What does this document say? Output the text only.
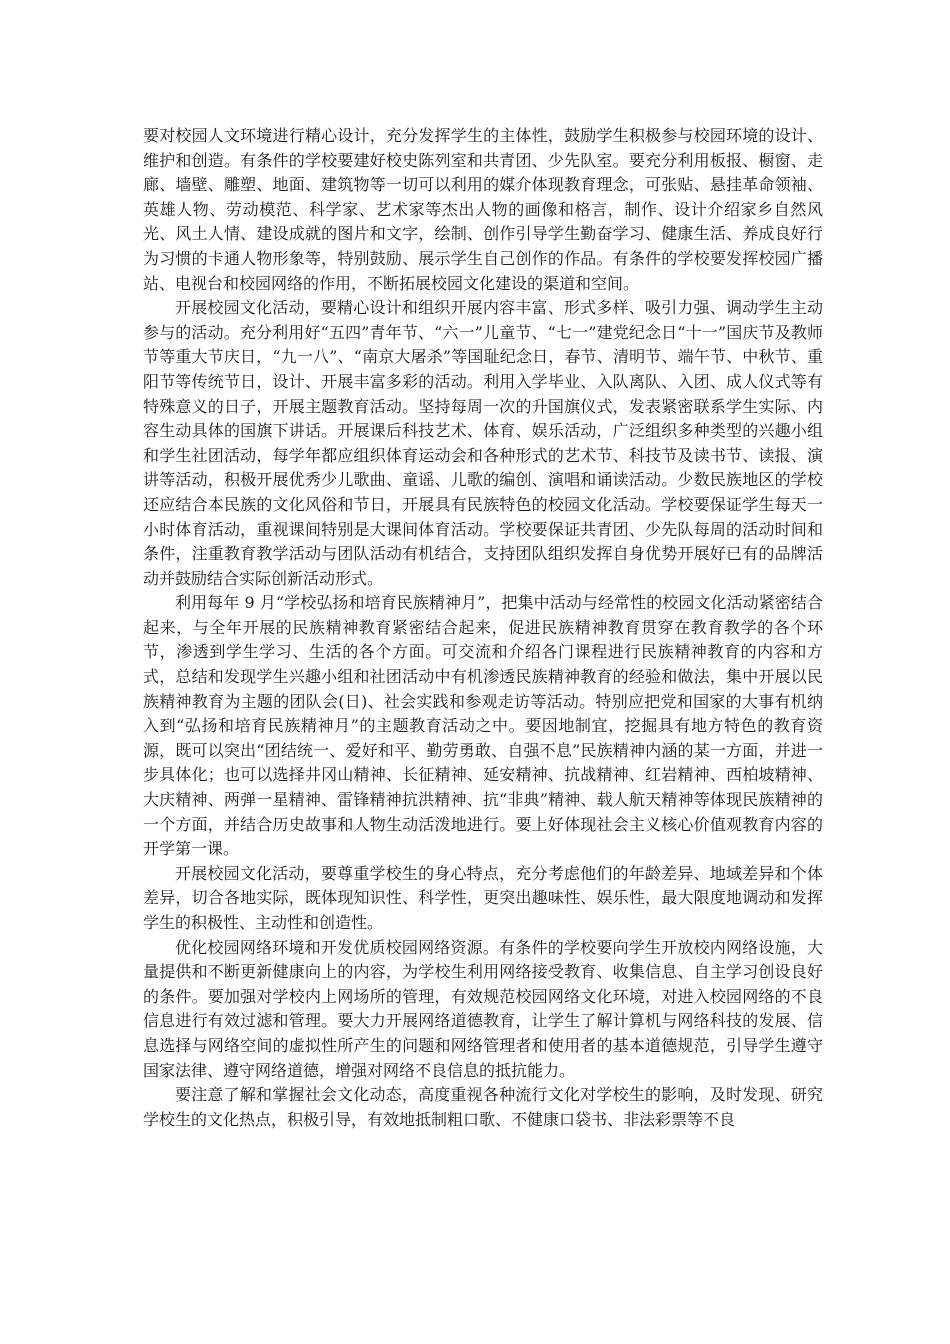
要对校园人文环境进行精心设计，充分发挥学生的主体性，鼓励学生积极参与校园环境的设计、维护和创造。有条件的学校要建好校史陈列室和共青团、少先队室。要充分利用板报、橱窗、走廊、墙壁、雕塑、地面、建筑物等一切可以利用的媒介体现教育理念，可张贴、悬挂革命领袖、英雄人物、劳动模范、科学家、艺术家等杰出人物的画像和格言，制作、设计介绍家乡自然风光、风土人情、建设成就的图片和文字，绘制、创作引导学生勤奋学习、健康生活、养成良好行为习惯的卡通人物形象等，特别鼓励、展示学生自己创作的作品。有条件的学校要发挥校园广播站、电视台和校园网络的作用，不断拓展校园文化建设的渠道和空间。

开展校园文化活动，要精心设计和组织开展内容丰富、形式多样、吸引力强、调动学生主动参与的活动。充分利用好“五四”青年节、“六一”儿童节、“七一”建党纪念日“十一”国庆节及教师节等重大节庆日，“九一八”、“南京大屠杀”等国耻纪念日，春节、清明节、端午节、中秋节、重阳节等传统节日，设计、开展丰富多彩的活动。利用入学毕业、入队离队、入团、成人仪式等有特殊意义的日子，开展主题教育活动。坚持每周一次的升国旗仪式，发表紧密联系学生实际、内容生动具体的国旗下讲话。开展课后科技艺术、体育、娱乐活动，广泛组织多种类型的兴趣小组和学生社团活动，每学年都应组织体育运动会和各种形式的艺术节、科技节及读书节、读报、演讲等活动，积极开展优秀少儿歌曲、童谣、儿歌的编创、演唱和诵读活动。少数民族地区的学校还应结合本民族的文化风俗和节日，开展具有民族特色的校园文化活动。学校要保证学生每天一小时体育活动，重视课间特别是大课间体育活动。学校要保证共青团、少先队每周的活动时间和条件，注重教育教学活动与团队活动有机结合，支持团队组织发挥自身优势开展好已有的品牌活动并鼓励结合实际创新活动形式。

利用每年 9 月“学校弘扬和培育民族精神月”，把集中活动与经常性的校园文化活动紧密结合起来，与全年开展的民族精神教育紧密结合起来，促进民族精神教育贯穿在教育教学的各个环节，渗透到学生学习、生活的各个方面。可交流和介绍各门课程进行民族精神教育的内容和方式，总结和发现学生兴趣小组和社团活动中有机渗透民族精神教育的经验和做法，集中开展以民族精神教育为主题的团队会(日)、社会实践和参观走访等活动。特别应把党和国家的大事有机纳入到“弘扬和培育民族精神月”的主题教育活动之中。要因地制宜，挖掘具有地方特色的教育资源，既可以突出“团结统一、爱好和平、勤劳勇敢、自强不息”民族精神内涵的某一方面，并进一步具体化；也可以选择井冈山精神、长征精神、延安精神、抗战精神、红岩精神、西柏坡精神、大庆精神、两弹一星精神、雷锋精神抗洪精神、抗“非典”精神、载人航天精神等体现民族精神的一个方面，并结合历史故事和人物生动活泼地进行。要上好体现社会主义核心价值观教育内容的开学第一课。

开展校园文化活动，要尊重学校生的身心特点，充分考虑他们的年龄差异、地域差异和个体差异，切合各地实际，既体现知识性、科学性，更突出趣味性、娱乐性，最大限度地调动和发挥学生的积极性、主动性和创造性。

优化校园网络环境和开发优质校园网络资源。有条件的学校要向学生开放校内网络设施，大量提供和不断更新健康向上的内容，为学校生利用网络接受教育、收集信息、自主学习创设良好的条件。要加强对学校内上网场所的管理，有效规范校园网络文化环境，对进入校园网络的不良信息进行有效过滤和管理。要大力开展网络道德教育，让学生了解计算机与网络科技的发展、信息选择与网络空间的虚拟性所产生的问题和网络管理者和使用者的基本道德规范，引导学生遵守国家法律、遵守网络道德，增强对网络不良信息的抵抗能力。

要注意了解和掌握社会文化动态，高度重视各种流行文化对学校生的影响，及时发现、研究学校生的文化热点，积极引导，有效地抵制粗口歌、不健康口袋书、非法彩票等不良
